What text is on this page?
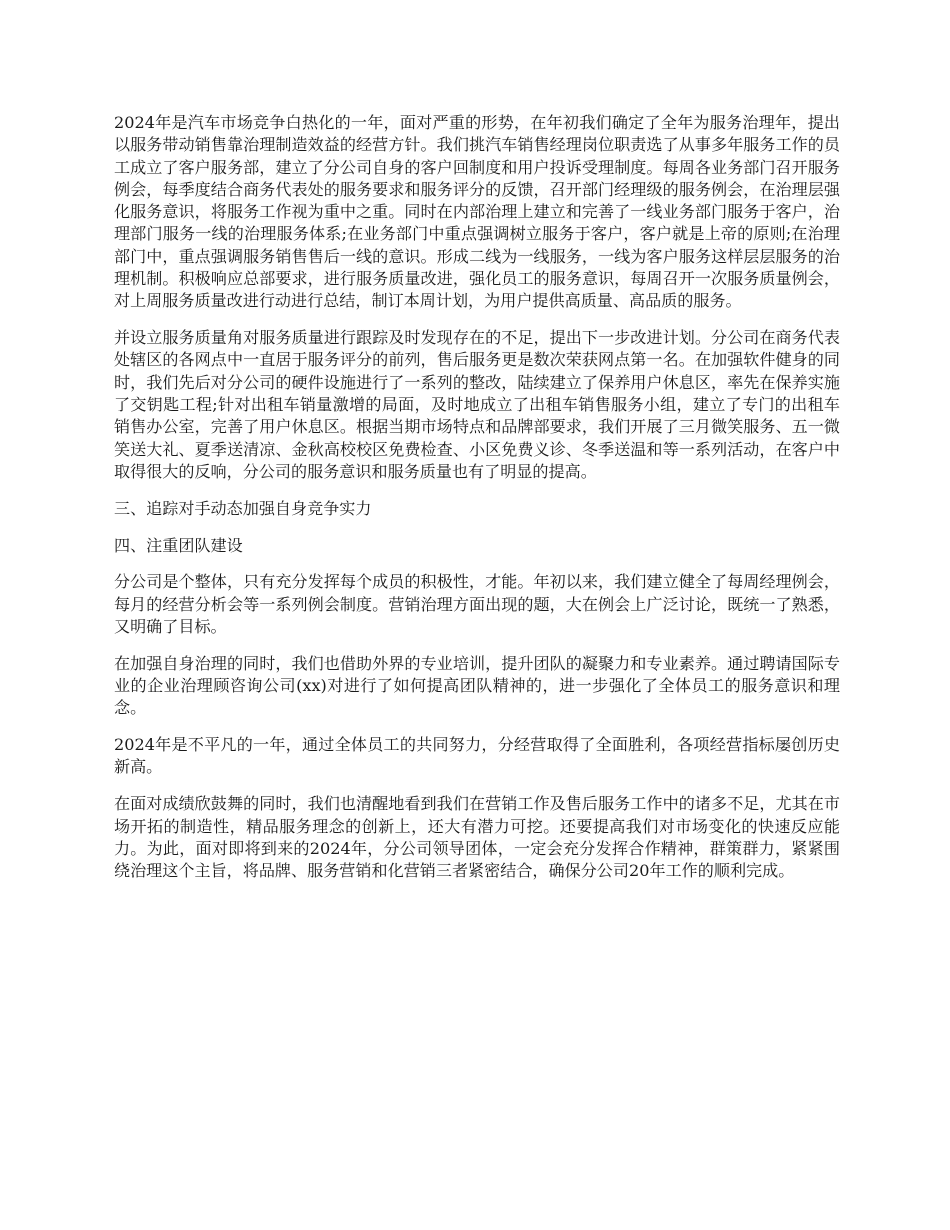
2024年是汽车市场竞争白热化的一年，面对严重的形势，在年初我们确定了全年为服务治理年，提出以服务带动销售靠治理制造效益的经营方针。我们挑汽车销售经理岗位职责选了从事多年服务工作的员工成立了客户服务部，建立了分公司自身的客户回制度和用户投诉受理制度。每周各业务部门召开服务例会，每季度结合商务代表处的服务要求和服务评分的反馈，召开部门经理级的服务例会，在治理层强化服务意识，将服务工作视为重中之重。同时在内部治理上建立和完善了一线业务部门服务于客户，治理部门服务一线的治理服务体系;在业务部门中重点强调树立服务于客户，客户就是上帝的原则;在治理部门中，重点强调服务销售售后一线的意识。形成二线为一线服务，一线为客户服务这样层层服务的治理机制。积极响应总部要求，进行服务质量改进，强化员工的服务意识，每周召开一次服务质量例会，对上周服务质量改进行动进行总结，制订本周计划，为用户提供高质量、高品质的服务。

并设立服务质量角对服务质量进行跟踪及时发现存在的不足，提出下一步改进计划。分公司在商务代表处辖区的各网点中一直居于服务评分的前列，售后服务更是数次荣获网点第一名。在加强软件健身的同时，我们先后对分公司的硬件设施进行了一系列的整改，陆续建立了保养用户休息区，率先在保养实施了交钥匙工程;针对出租车销量激增的局面，及时地成立了出租车销售服务小组，建立了专门的出租车销售办公室，完善了用户休息区。根据当期市场特点和品牌部要求，我们开展了三月微笑服务、五一微笑送大礼、夏季送清凉、金秋高校校区免费检查、小区免费义诊、冬季送温和等一系列活动，在客户中取得很大的反响，分公司的服务意识和服务质量也有了明显的提高。

三、追踪对手动态加强自身竞争实力

四、注重团队建设

分公司是个整体，只有充分发挥每个成员的积极性，才能。年初以来，我们建立健全了每周经理例会，每月的经营分析会等一系列例会制度。营销治理方面出现的题，大在例会上广泛讨论，既统一了熟悉，又明确了目标。

在加强自身治理的同时，我们也借助外界的专业培训，提升团队的凝聚力和专业素养。通过聘请国际专业的企业治理顾咨询公司(xx)对进行了如何提高团队精神的，进一步强化了全体员工的服务意识和理念。

2024年是不平凡的一年，通过全体员工的共同努力，分经营取得了全面胜利，各项经营指标屡创历史新高。

在面对成绩欣鼓舞的同时，我们也清醒地看到我们在营销工作及售后服务工作中的诸多不足，尤其在市场开拓的制造性，精品服务理念的创新上，还大有潜力可挖。还要提高我们对市场变化的快速反应能力。为此，面对即将到来的2024年，分公司领导团体，一定会充分发挥合作精神，群策群力，紧紧围绕治理这个主旨，将品牌、服务营销和化营销三者紧密结合，确保分公司20年工作的顺利完成。
